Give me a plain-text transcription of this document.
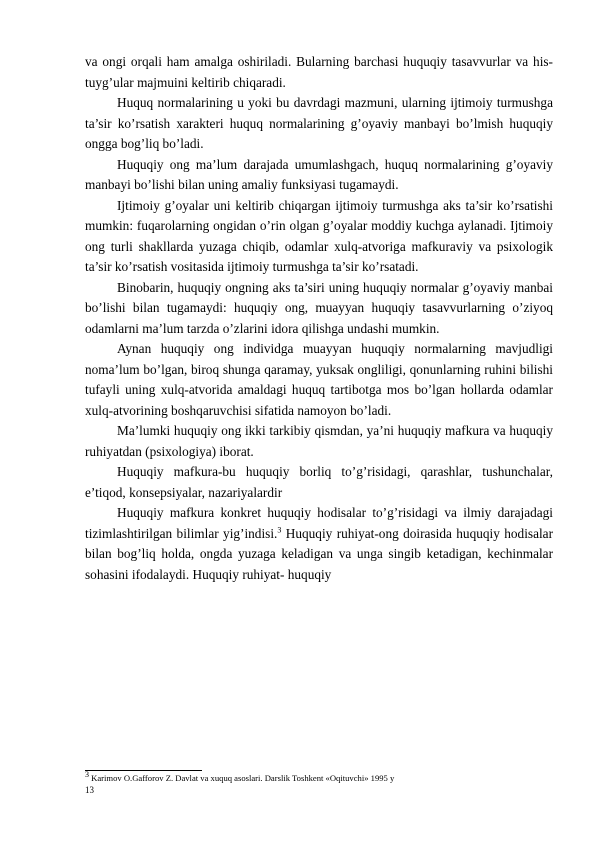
va ongi orqali ham amalga oshiriladi. Bularning barchasi huquqiy tasavvurlar va his- tuyg’ular majmuini keltirib chiqaradi.

Huquq normalarining u yoki bu davrdagi mazmuni, ularning ijtimoiy turmushga ta’sir ko’rsatish xarakteri huquq normalarining g’oyaviy manbayi bo’lmish huquqiy ongga bog’liq bo’ladi.

Huquqiy ong ma’lum darajada umumlashgach, huquq normalarining g’oyaviy manbayi bo’lishi bilan uning amaliy funksiyasi tugamaydi.

Ijtimoiy g’oyalar uni keltirib chiqargan ijtimoiy turmushga aks ta’sir ko’rsatishi mumkin: fuqarolarning ongidan o’rin olgan g’oyalar moddiy kuchga aylanadi. Ijtimoiy ong turli shakllarda yuzaga chiqib, odamlar xulq-atvoriga mafkuraviy va psixologik ta’sir ko’rsatish vositasida ijtimoiy turmushga ta’sir ko’rsatadi.

Binobarin, huquqiy ongning aks ta’siri uning huquqiy normalar g’oyaviy manbai bo’lishi bilan tugamaydi: huquqiy ong, muayyan huquqiy tasavvurlarning o’ziyoq odamlarni ma’lum tarzda o’zlarini idora qilishga undashi mumkin.

Aynan huquqiy ong individga muayyan huquqiy normalarning mavjudligi noma’lum bo’lgan, biroq shunga qaramay, yuksak ongliligi, qonunlarning ruhini bilishi tufayli uning xulq-atvorida amaldagi huquq tartibotga mos bo’lgan hollarda odamlar xulq-atvorining boshqaruvchisi sifatida namoyon bo’ladi.

Ma’lumki huquqiy ong ikki tarkibiy qismdan, ya’ni huquqiy mafkura va huquqiy ruhiyatdan (psixologiya) iborat.

Huquqiy mafkura-bu huquqiy borliq to’g’risidagi, qarashlar, tushunchalar, e’tiqod, konsepsiyalar, nazariyalardir

Huquqiy mafkura konkret huquqiy hodisalar to’g’risidagi va ilmiy darajadagi tizimlashtirilgan bilimlar yig’indisi.$^3$ Huquqiy ruhiyat-ong doirasida huquqiy hodisalar bilan bog’liq holda, ongda yuzaga keladigan va unga singib ketadigan, kechinmalar sohasini ifodalaydi. Huquqiy ruhiyat- huquqiy

$^3$ Karimov O.Gafforov Z. Davlat va xuquq asoslari. Darslik Toshkent «Oqituvchi» 1995 y
13
